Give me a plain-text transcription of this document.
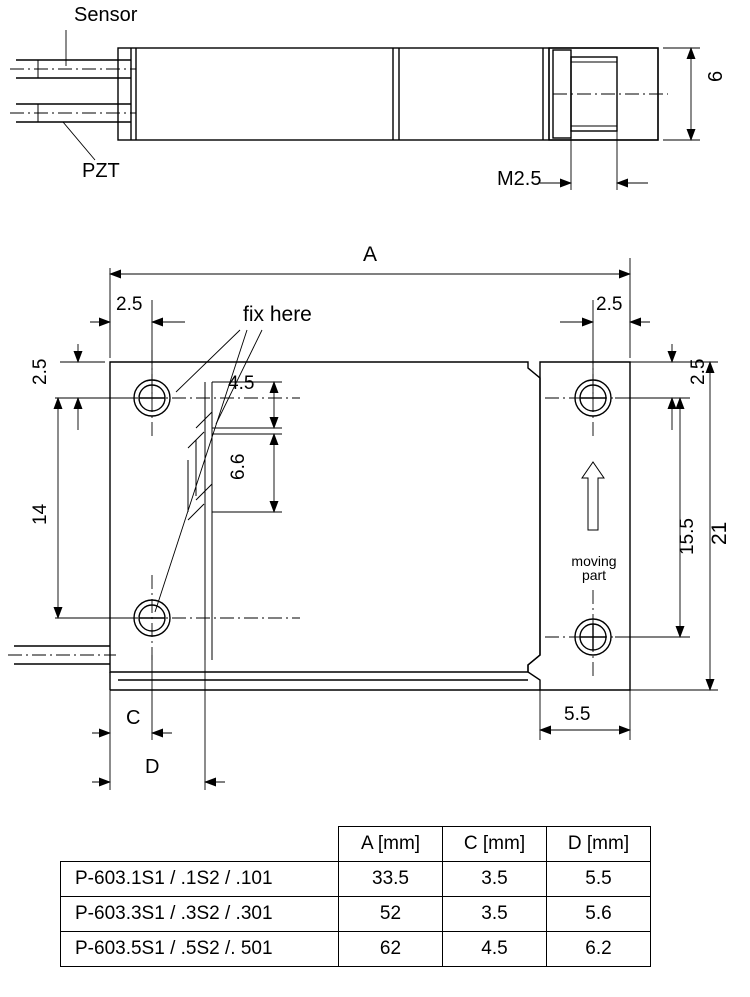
Sensor
PZT	M2.5
6
A
2.5	2.5
fix here
2.5	2.5
4.5
6.6
14
15.5 21
moving
part
5.5
C
D
	A [mm]	C [mm]	D [mm]
P-603.1S1 / .1S2 / .101	33.5	3.5	5.5
P-603.3S1 / .3S2 / .301	52	3.5	5.6
P-603.5S1 / .5S2 /. 501	62	4.5	6.2
